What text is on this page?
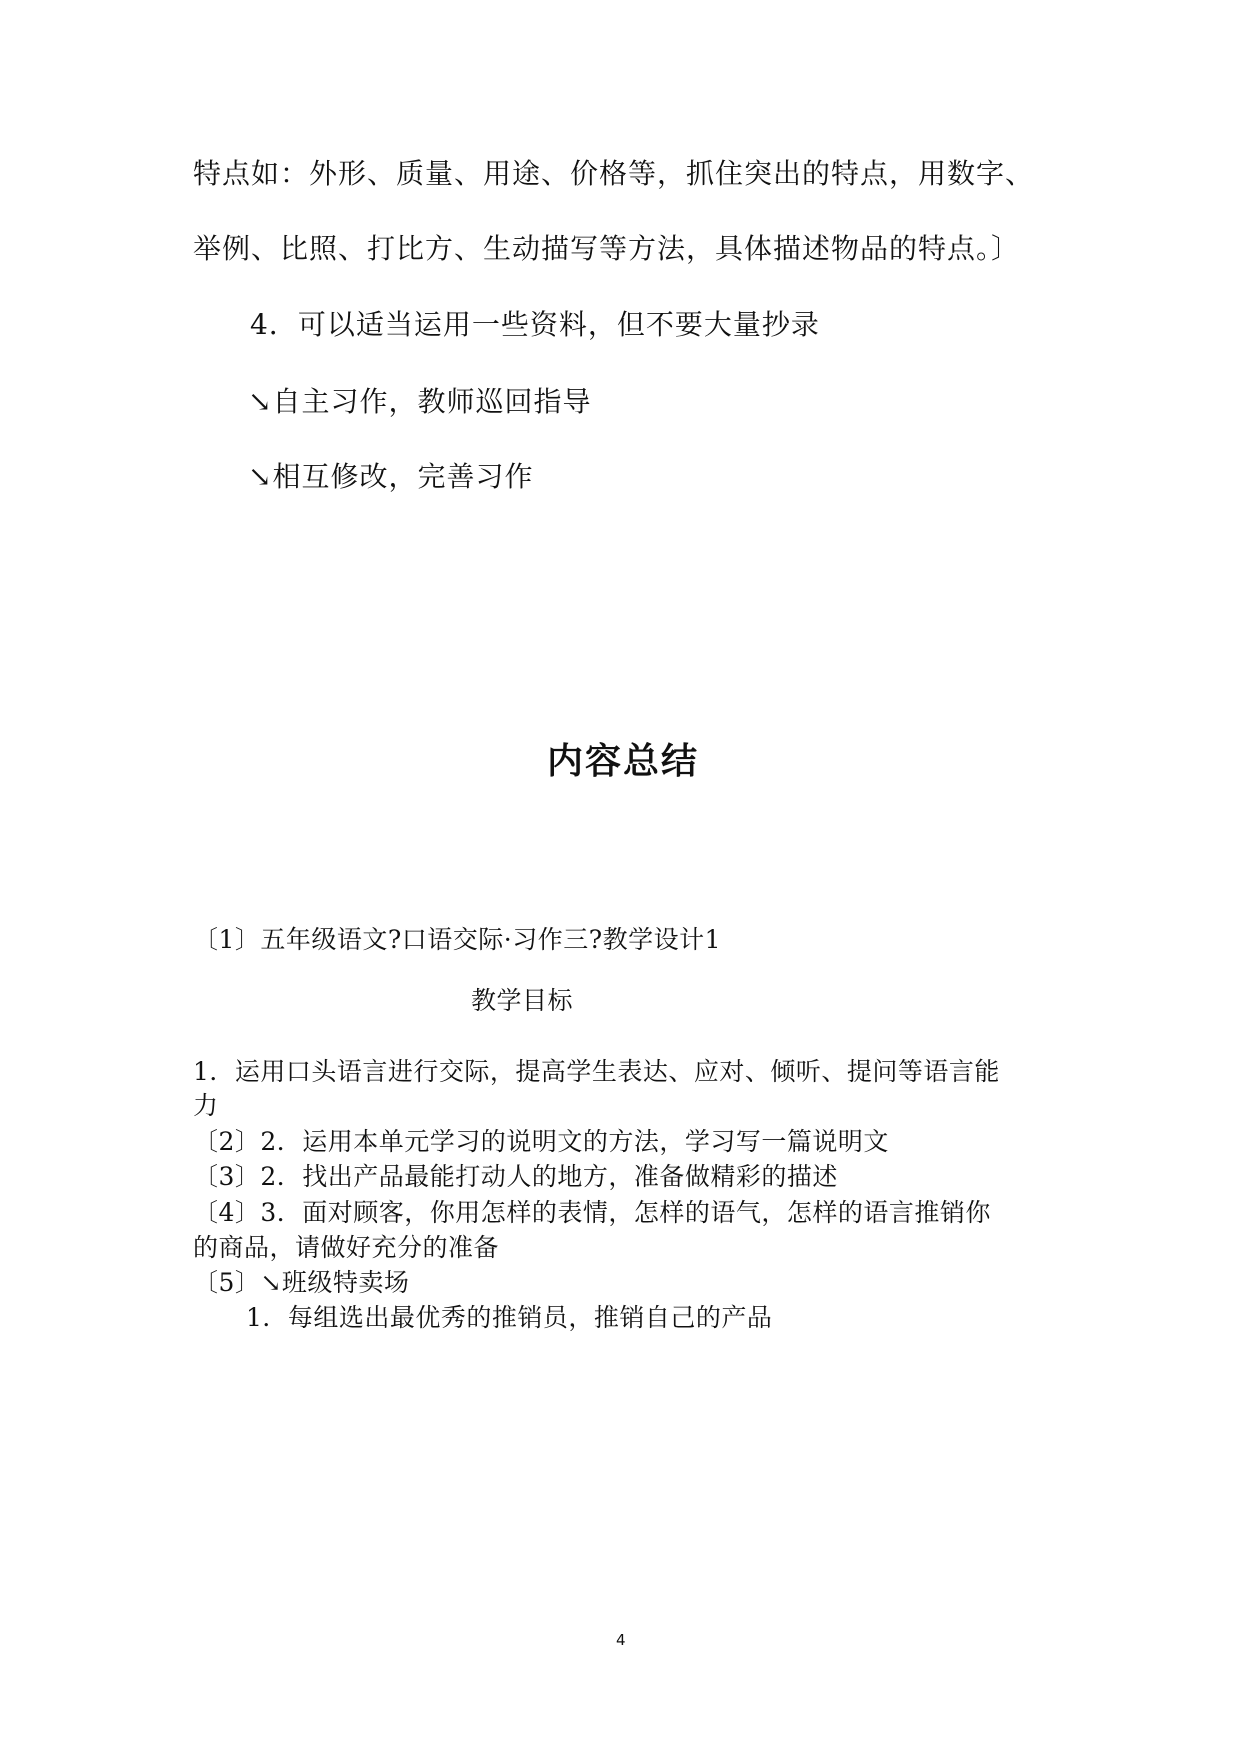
特点如：外形、质量、用途、价格等，抓住突出的特点，用数字、
举例、比照、打比方、生动描写等方法，具体描述物品的特点。〕
4．可以适当运用一些资料，但不要大量抄录
↘自主习作，教师巡回指导
↘相互修改，完善习作
内容总结
〔1〕五年级语文?口语交际·习作三?教学设计1
教学目标
1．运用口头语言进行交际，提高学生表达、应对、倾听、提问等语言能
力
〔2〕2．运用本单元学习的说明文的方法，学习写一篇说明文
〔3〕2．找出产品最能打动人的地方，准备做精彩的描述
〔4〕3．面对顾客，你用怎样的表情，怎样的语气，怎样的语言推销你
的商品，请做好充分的准备
〔5〕↘班级特卖场
1．每组选出最优秀的推销员，推销自己的产品
4
